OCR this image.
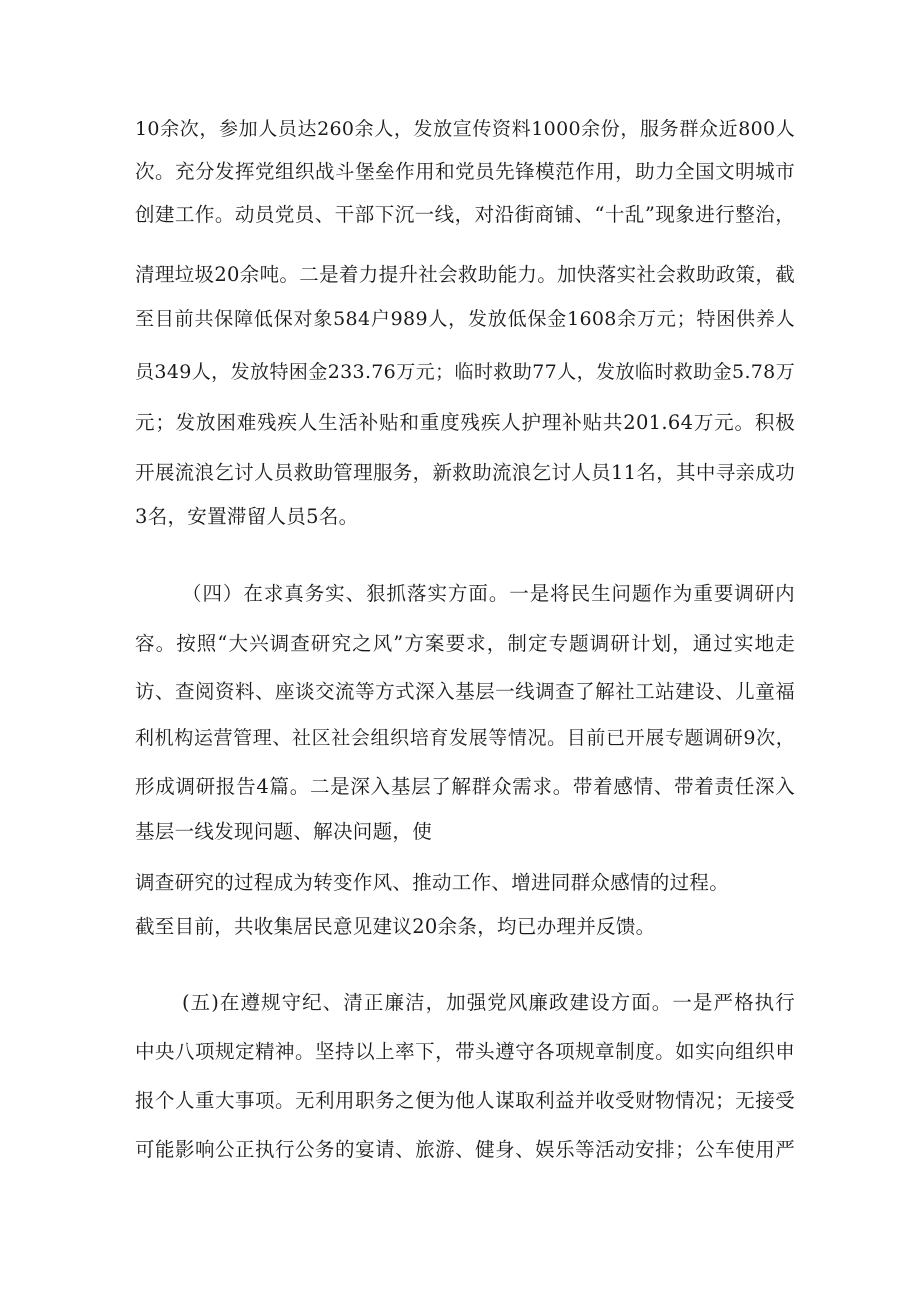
10余次，参加人员达260余人，发放宣传资料1000余份，服务群众近800人
次。充分发挥党组织战斗堡垒作用和党员先锋模范作用，助力全国文明城市
创建工作。动员党员、干部下沉一线，对沿街商铺、“十乱”现象进行整治，
清理垃圾20余吨。二是着力提升社会救助能力。加快落实社会救助政策，截
至目前共保障低保对象584户989人，发放低保金1608余万元；特困供养人
员349人，发放特困金233.76万元；临时救助77人，发放临时救助金5.78万
元；发放困难残疾人生活补贴和重度残疾人护理补贴共201.64万元。积极
开展流浪乞讨人员救助管理服务，新救助流浪乞讨人员11名，其中寻亲成功
3名，安置滞留人员5名。
（四）在求真务实、狠抓落实方面。一是将民生问题作为重要调研内
容。按照“大兴调查研究之风”方案要求，制定专题调研计划，通过实地走
访、查阅资料、座谈交流等方式深入基层一线调查了解社工站建设、儿童福
利机构运营管理、社区社会组织培育发展等情况。目前已开展专题调研9次，
形成调研报告4篇。二是深入基层了解群众需求。带着感情、带着责任深入
基层一线发现问题、解决问题，使
调查研究的过程成为转变作风、推动工作、增进同群众感情的过程。
截至目前，共收集居民意见建议20余条，均已办理并反馈。
(五)在遵规守纪、清正廉洁，加强党风廉政建设方面。一是严格执行
中央八项规定精神。坚持以上率下，带头遵守各项规章制度。如实向组织申
报个人重大事项。无利用职务之便为他人谋取利益并收受财物情况；无接受
可能影响公正执行公务的宴请、旅游、健身、娱乐等活动安排；公车使用严
